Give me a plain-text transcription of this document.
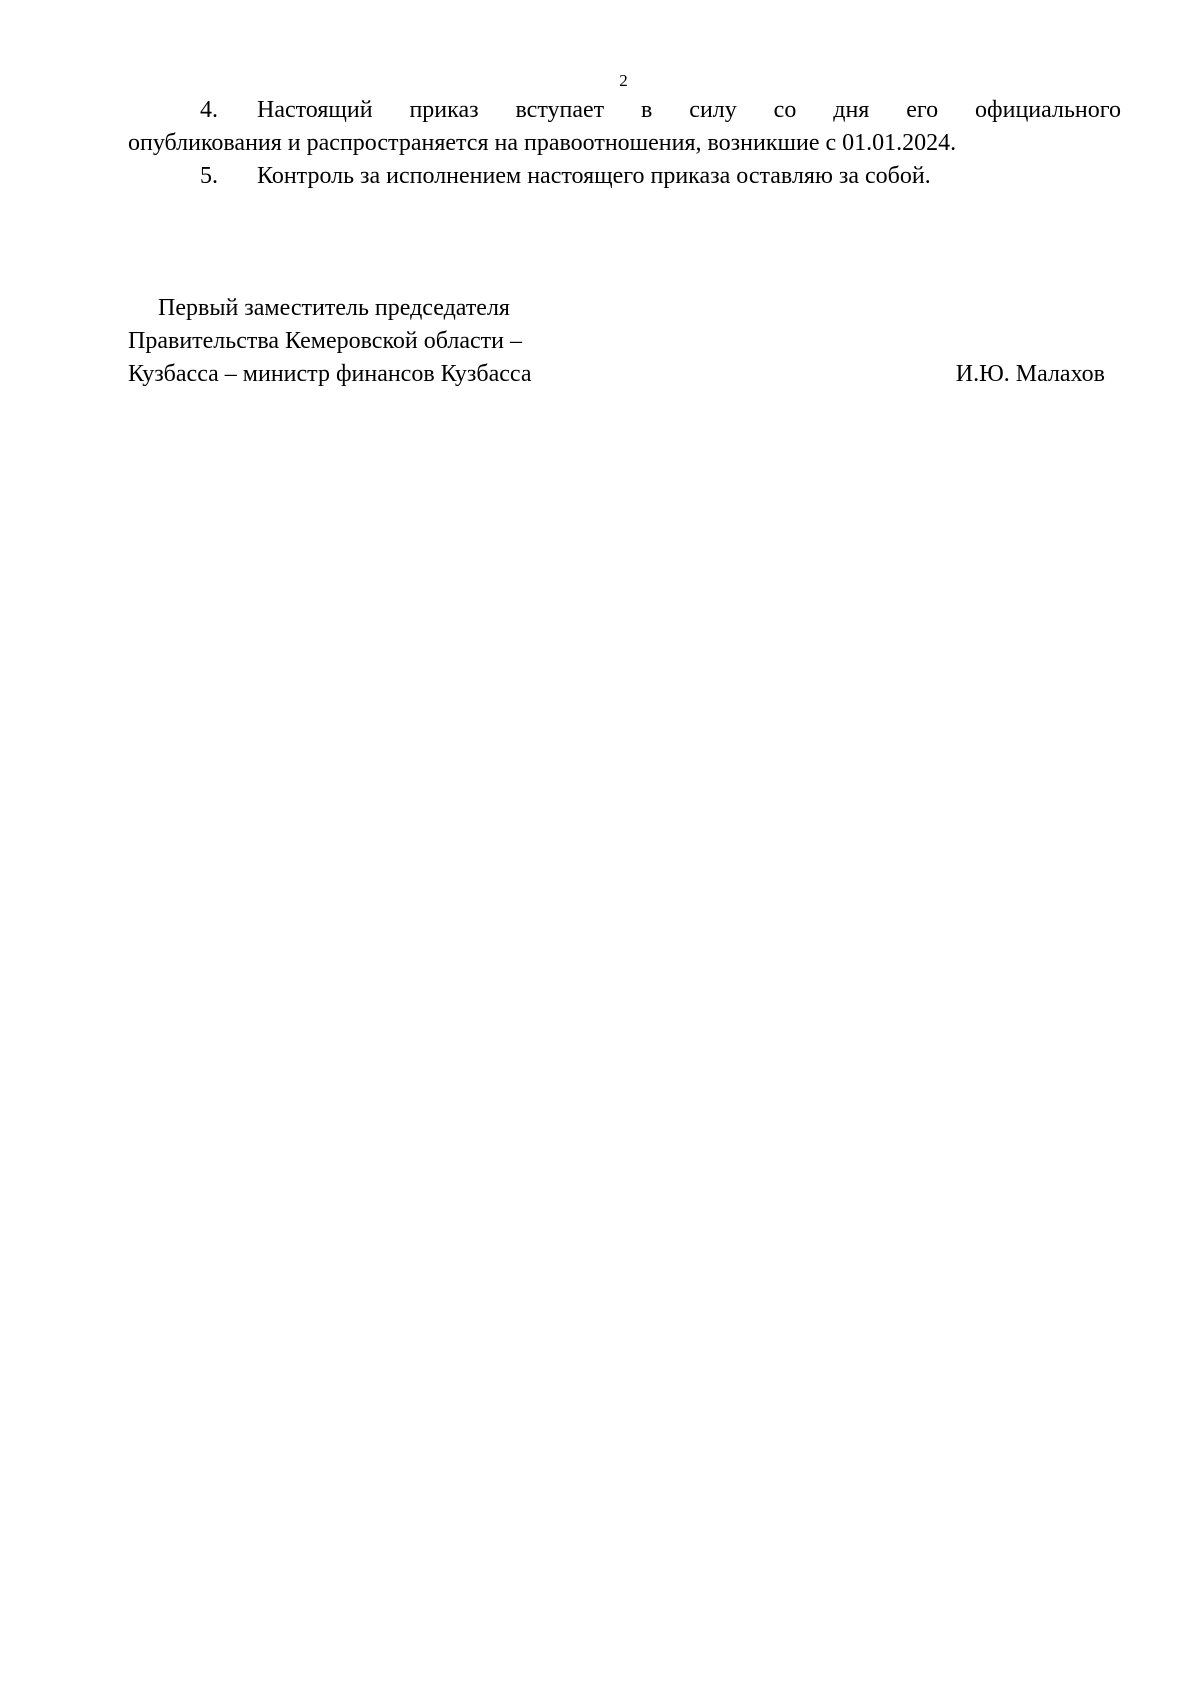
2
4. Настоящий приказ вступает в силу со дня его официального
опубликования и распространяется на правоотношения, возникшие с 01.01.2024.
5. Контроль за исполнением настоящего приказа оставляю за собой.
Первый заместитель председателя
Правительства Кемеровской области –
Кузбасса – министр финансов Кузбасса	И.Ю. Малахов
